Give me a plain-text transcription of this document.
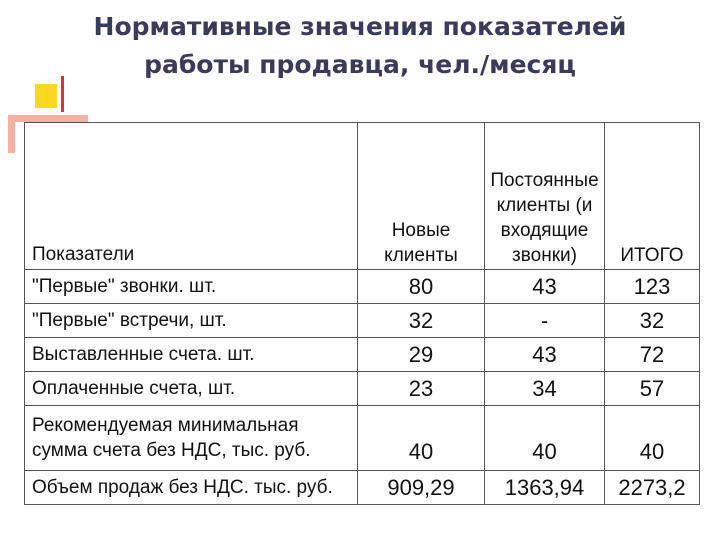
Нормативные значения показателей
работы продавца, чел./месяц
Показатели	Новые клиенты	Постоянные клиенты (и входящие звонки)	ИТОГО
"Первые" звонки. шт.	80	43	123
"Первые" встречи, шт.	32	-	32
Выставленные счета. шт.	29	43	72
Оплаченные счета, шт.	23	34	57
Рекомендуемая минимальная сумма счета без НДС, тыс. руб.	40	40	40
Объем продаж без НДС. тыс. руб.	909,29	1363,94	2273,2
